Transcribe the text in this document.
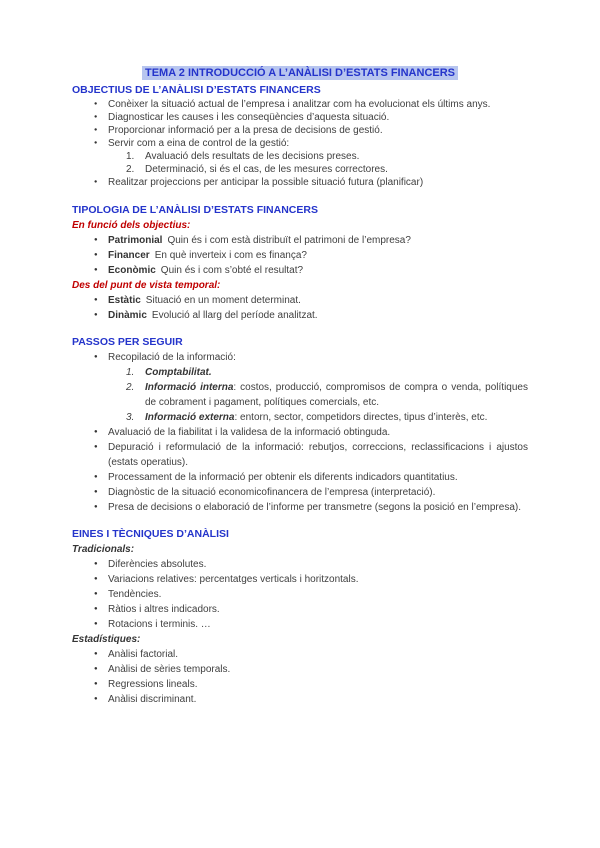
TEMA 2 INTRODUCCIÓ A L’ANÀLISI D’ESTATS FINANCERS
OBJECTIUS DE L’ANÀLISI D’ESTATS FINANCERS
● Conèixer la situació actual de l’empresa i analitzar com ha evolucionat els últims anys.
● Diagnosticar les causes i les conseqüències d’aquesta situació.
● Proporcionar informació per a la presa de decisions de gestió.
● Servir com a eina de control de la gestió:
1. Avaluació dels resultats de les decisions preses.
2. Determinació, si és el cas, de les mesures correctores.
● Realitzar projeccions per anticipar la possible situació futura (planificar)
TIPOLOGIA DE L’ANÀLISI D’ESTATS FINANCERS
En funció dels objectius:
● Patrimonial Quin és i com està distribuït el patrimoni de l’empresa?
● Financer En què inverteix i com es finança?
● Econòmic Quin és i com s’obté el resultat?
Des del punt de vista temporal:
● Estàtic Situació en un moment determinat.
● Dinàmic Evolució al llarg del període analitzat.
PASSOS PER SEGUIR
● Recopilació de la informació:
1. Comptabilitat.
2. Informació interna: costos, producció, compromisos de compra o venda, polítiques de cobrament i pagament, polítiques comercials, etc.
3. Informació externa: entorn, sector, competidors directes, tipus d’interès, etc.
● Avaluació de la fiabilitat i la validesa de la informació obtinguda.
● Depuració i reformulació de la informació: rebutjos, correccions, reclassificacions i ajustos (estats operatius).
● Processament de la informació per obtenir els diferents indicadors quantitatius.
● Diagnòstic de la situació economicofinancera de l’empresa (interpretació).
● Presa de decisions o elaboració de l’informe per transmetre (segons la posició en l’empresa).
EINES I TÈCNIQUES D’ANÀLISI
Tradicionals:
● Diferències absolutes.
● Variacions relatives: percentatges verticals i horitzontals.
● Tendències.
● Ràtios i altres indicadors.
● Rotacions i terminis. …
Estadístiques:
● Anàlisi factorial.
● Anàlisi de sèries temporals.
● Regressions lineals.
● Anàlisi discriminant.
